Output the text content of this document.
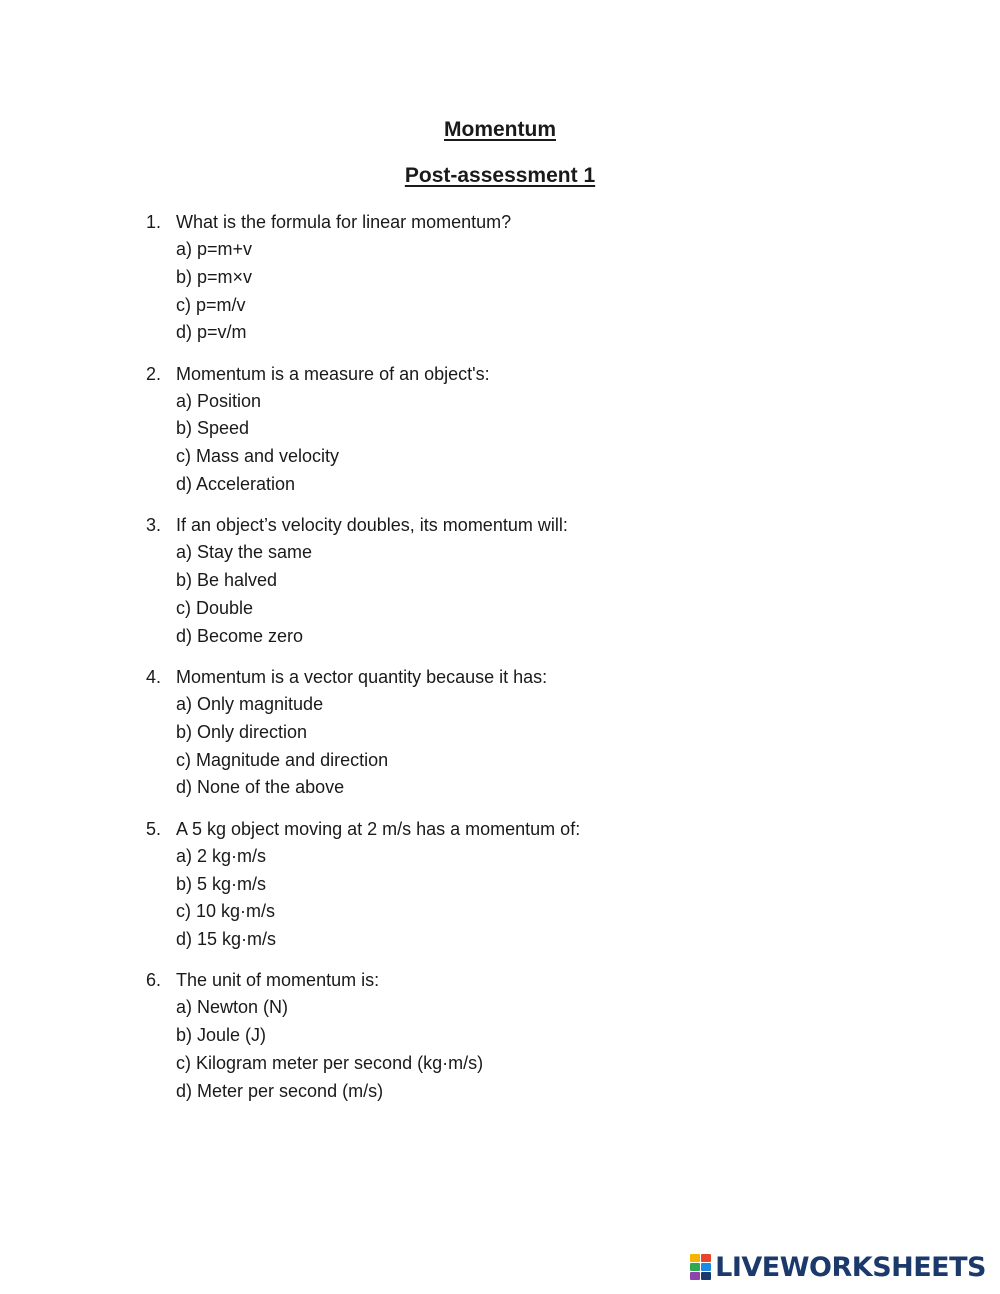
Momentum
Post-assessment 1
1. What is the formula for linear momentum?
a) p=m+v
b) p=m×v
c) p=m/v
d) p=v/m
2. Momentum is a measure of an object's:
a) Position
b) Speed
c) Mass and velocity
d) Acceleration
3. If an object’s velocity doubles, its momentum will:
a) Stay the same
b) Be halved
c) Double
d) Become zero
4. Momentum is a vector quantity because it has:
a) Only magnitude
b) Only direction
c) Magnitude and direction
d) None of the above
5. A 5 kg object moving at 2 m/s has a momentum of:
a) 2 kg·m/s
b) 5 kg·m/s
c) 10 kg·m/s
d) 15 kg·m/s
6. The unit of momentum is:
a) Newton (N)
b) Joule (J)
c) Kilogram meter per second (kg·m/s)
d) Meter per second (m/s)
LIVEWORKSHEETS
